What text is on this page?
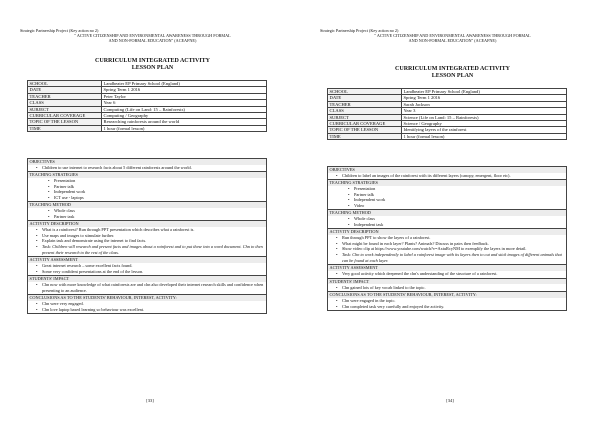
Strategic Partnership Project (Key action no 2)
" ACTIVE CITIZENSHIP AND ENVIRONMENTAL AWARENESS THROUGH FORMAL
AND NON-FORMAL EDUCATION" (ACEAFNE)
CURRICULUM INTEGRATED ACTIVITY
LESSON PLAN
SCHOOL	Landbeater EP Primary School (England)
DATE	Spring Term 1 2016
TEACHER	Peter Taylor
CLASS	Year 6
SUBJECT	Computing (Life on Land: 15 – Rainforests)
CURRICULAR COVERAGE	Computing / Geography
TOPIC OF THE LESSON	Researching rainforests around the world
TIME	1 hour (formal lesson)
OBJECTIVES
• Children to use internet to research facts about 5 different rainforests around the world.
TEACHING STRATEGIES
• Presentation
• Partner talk
• Independent work
• ICT use - laptops
TEACHING METHOD
• Whole class
• Partner task
ACTIVITY DESCRIPTION
• What is a rainforest? Run through PPT presentation which describes what a rainforest is.
• Use maps and images to stimulate further.
• Explain task and demonstrate using the internet to find facts.
• Task: Children will research and present facts and images about a rainforest and to put these into a word document. Chn to then present their research to the rest of the class.
ACTIVITY ASSESSMENT
• Great internet research – some excellent facts found.
• Some very confident presentations at the end of the lesson.
STUDENTS' IMPACT
• Chn now with more knowledge of what rainforests are and chn also developed their internet research skills and confidence when presenting to an audience.
CONCLUSIONS AS TO THE STUDENTS' BEHAVIOUR, INTEREST, ACTIVITY:
• Chn were very engaged.
• Chn love laptop based learning so behaviour was excellent.
[33]
Strategic Partnership Project (Key action no 2)
" ACTIVE CITIZENSHIP AND ENVIRONMENTAL AWARENESS THROUGH FORMAL
AND NON-FORMAL EDUCATION" (ACEAFNE)
CURRICULUM INTEGRATED ACTIVITY
LESSON PLAN
SCHOOL	Landbeater EP Primary School (England)
DATE	Spring Term 1 2016
TEACHER	Sarah Jackson
CLASS	Year 3
SUBJECT	Science (Life on Land: 15 – Rainforests)
CURRICULAR COVERAGE	Science / Geography
TOPIC OF THE LESSON	Identifying layers of the rainforest
TIME	1 hour (formal lesson)
OBJECTIVES
• Children to label an images of the rainforest with its different layers (canopy, emergent, floor etc).
TEACHING STRATEGIES
• Presentation
• Partner talk
• Independent work
• Video
TEACHING METHOD
• Whole class
• Independent task
ACTIVITY DESCRIPTION
• Run through PPT to show the layers of a rainforest.
• What might be found in each layer? Plants? Animals? Discuss in pairs then feedback.
• Show video clip at https://www.youtube.com/watch?v=AxtuRcyNM to exemplify the layers in more detail.
• Task: Chn to work independently to label a rainforest image with its layers then to cut and stick images of different animals that can be found at each layer.
ACTIVITY ASSESSMENT
• Very good activity which deepened the chn's understanding of the structure of a rainforest.
STUDENTS' IMPACT
• Chn gained lots of key vocab linked to the topic.
CONCLUSIONS AS TO THE STUDENTS' BEHAVIOUR, INTEREST, ACTIVITY:
• Chn were engaged in the topic.
• Chn completed task very carefully and enjoyed the activity.
[34]
